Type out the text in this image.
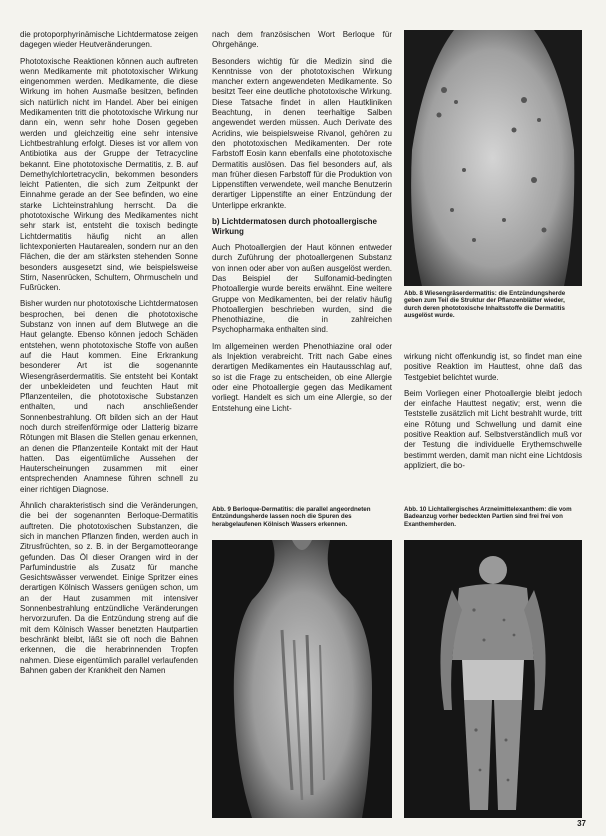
die protoporphyrinämische Lichtdermatose zeigen dagegen wieder Heutveränderungen.

Phototoxische Reaktionen können auch auftreten wenn Medikamente mit phototoxischer Wirkung eingenommen werden. Medikamente, die diese Wirkung im hohen Ausmaße besitzen, befinden sich natürlich nicht im Handel. Aber bei einigen Medikamenten tritt die phototoxische Wirkung nur dann ein, wenn sehr hohe Dosen gegeben werden und gleichzeitig eine sehr intensive Lichtbestrahlung erfolgt. Dieses ist vor allem von Antibiotika aus der Gruppe der Tetracycline bekannt. Eine phototoxische Dermatitis, z. B. auf Demethylchlortetracyclin, bekommen besonders leicht Patienten, die sich zum Zeitpunkt der Einnahme gerade an der See befinden, wo eine starke Lichteinstrahlung herrscht. Da die phototoxische Wirkung des Medikamentes nicht sehr stark ist, entsteht die toxisch bedingte Lichtdermatitis häufig nicht an allen lichtexponierten Hautarealen, sondern nur an den Flächen, die der am stärksten stehenden Sonne besonders ausgesetzt sind, wie beispielsweise Stirn, Nasenrücken, Schultern, Ohrmuscheln und Fußrücken.

Bisher wurden nur phototoxische Lichtdermatosen besprochen, bei denen die phototoxische Substanz von innen auf dem Blutwege an die Haut gelangte. Ebenso können jedoch Schäden entstehen, wenn phototoxische Stoffe von außen auf die Haut kommen. Eine Erkrankung besonderer Art ist die sogenannte Wiesengräserdermatitis. Sie entsteht bei Kontakt der unbekleideten und feuchten Haut mit Pflanzenteilen, die phototoxische Substanzen enthalten, und nach anschließender Sonnenbestrahlung. Oft bilden sich an der Haut noch durch streifenförmige oder Llatterig bizarre Rötungen mit Blasen die Stellen genau erkennen, an denen die Pflanzenteile Kontakt mit der Haut hatten. Das eigentümliche Aussehen der Hauterscheinungen zusammen mit einer entsprechenden Anamnese führen schnell zu einer richtigen Diagnose.

Ähnlich charakteristisch sind die Veränderungen, die bei der sogenannten Berloque-Dermatitis auftreten. Die phototoxischen Substanzen, die sich in manchen Pflanzen finden, werden auch in Zitrusfrüchten, so z. B. in der Bergamotteorange gefunden. Das Öl dieser Orangen wird in der Parfumindustrie als Zusatz für manche Gesichtswässer verwendet. Einige Spritzer eines derartigen Kölnisch Wassers genügen schon, um an der Haut zusammen mit intensiver Sonnenbestrahlung entzündliche Veränderungen hervorzurufen. Da die Entzündung streng auf die mit dem Kölnisch Wasser benetzten Hautpartien beschränkt bleibt, läßt sie oft noch die Bahnen erkennen, die die herabrinnenden Tropfen nahmen. Diese eigentümlich parallel verlaufenden Bahnen gaben der Krankheit den Namen

nach dem französischen Wort Berloque für Ohrgehänge.

Besonders wichtig für die Medizin sind die Kenntnisse von der phototoxischen Wirkung mancher extern angewendeten Medikamente. So besitzt Teer eine deutliche phototoxische Wirkung. Diese Tatsache findet in allen Hautkliniken Beachtung, in denen teerhaltige Salben angewendet werden müssen. Auch Derivate des Acridins, wie beispielsweise Rivanol, gehören zu den phototoxischen Medikamenten. Der rote Farbstoff Eosin kann ebenfalls eine phototoxische Dermatitis auslösen. Das fiel besonders auf, als man früher diesen Farbstoff für die Produktion von Lippenstiften verwendete, weil manche Benutzerin derartiger Lippenstifte an einer Entzündung der Unterlippe erkrankte.

b) Lichtdermatosen durch photoallergische Wirkung

Auch Photoallergien der Haut können entweder durch Zuführung der photoallergenen Substanz von innen oder aber von außen ausgelöst werden. Das Beispiel der Sulfonamid-bedingten Photoallergie wurde bereits erwähnt. Eine weitere Gruppe von Medikamenten, bei der relativ häufig Photoallergien beschrieben wurden, sind die Phenothiazine, die in zahlreichen Psychopharmaka enthalten sind.

Im allgemeinen werden Phenothiazine oral oder als Injektion verabreicht. Tritt nach Gabe eines derartigen Medikamentes ein Hautausschlag auf, so ist die Frage zu entscheiden, ob eine Allergie oder eine Photoallergie gegen das Medikament vorliegt. Handelt es sich um eine Allergie, so der Entstehung eine Licht-

Abb. 9 Berloque-Dermatitis: die parallel angeordneten Entzündungsherde lassen noch die Spuren des herabgelaufenen Kölnisch Wassers erkennen.
Abb. 8 Wiesengräserdermatitis: die Entzündungsherde geben zum Teil die Struktur der Pflanzenblätter wieder, durch deren phototoxische Inhaltsstoffe die Dermatitis ausgelöst wurde.

wirkung nicht offenkundig ist, so findet man eine positive Reaktion im Hauttest, ohne daß das Testgebiet belichtet wurde.

Beim Vorliegen einer Photoallergie bleibt jedoch der einfache Hauttest negativ; erst, wenn die Teststelle zusätzlich mit Licht bestrahlt wurde, tritt eine Rötung und Schwellung und damit eine positive Reaktion auf. Selbstverständlich muß vor der Testung die individuelle Erythemschwelle bestimmt werden, damit man nicht eine Lichtdosis appliziert, die bo-

Abb. 10 Lichtallergisches Arzneimittelexanthem: die vom Badeanzug vorher bedeckten Partien sind frei frei von Exanthemherden.
37
